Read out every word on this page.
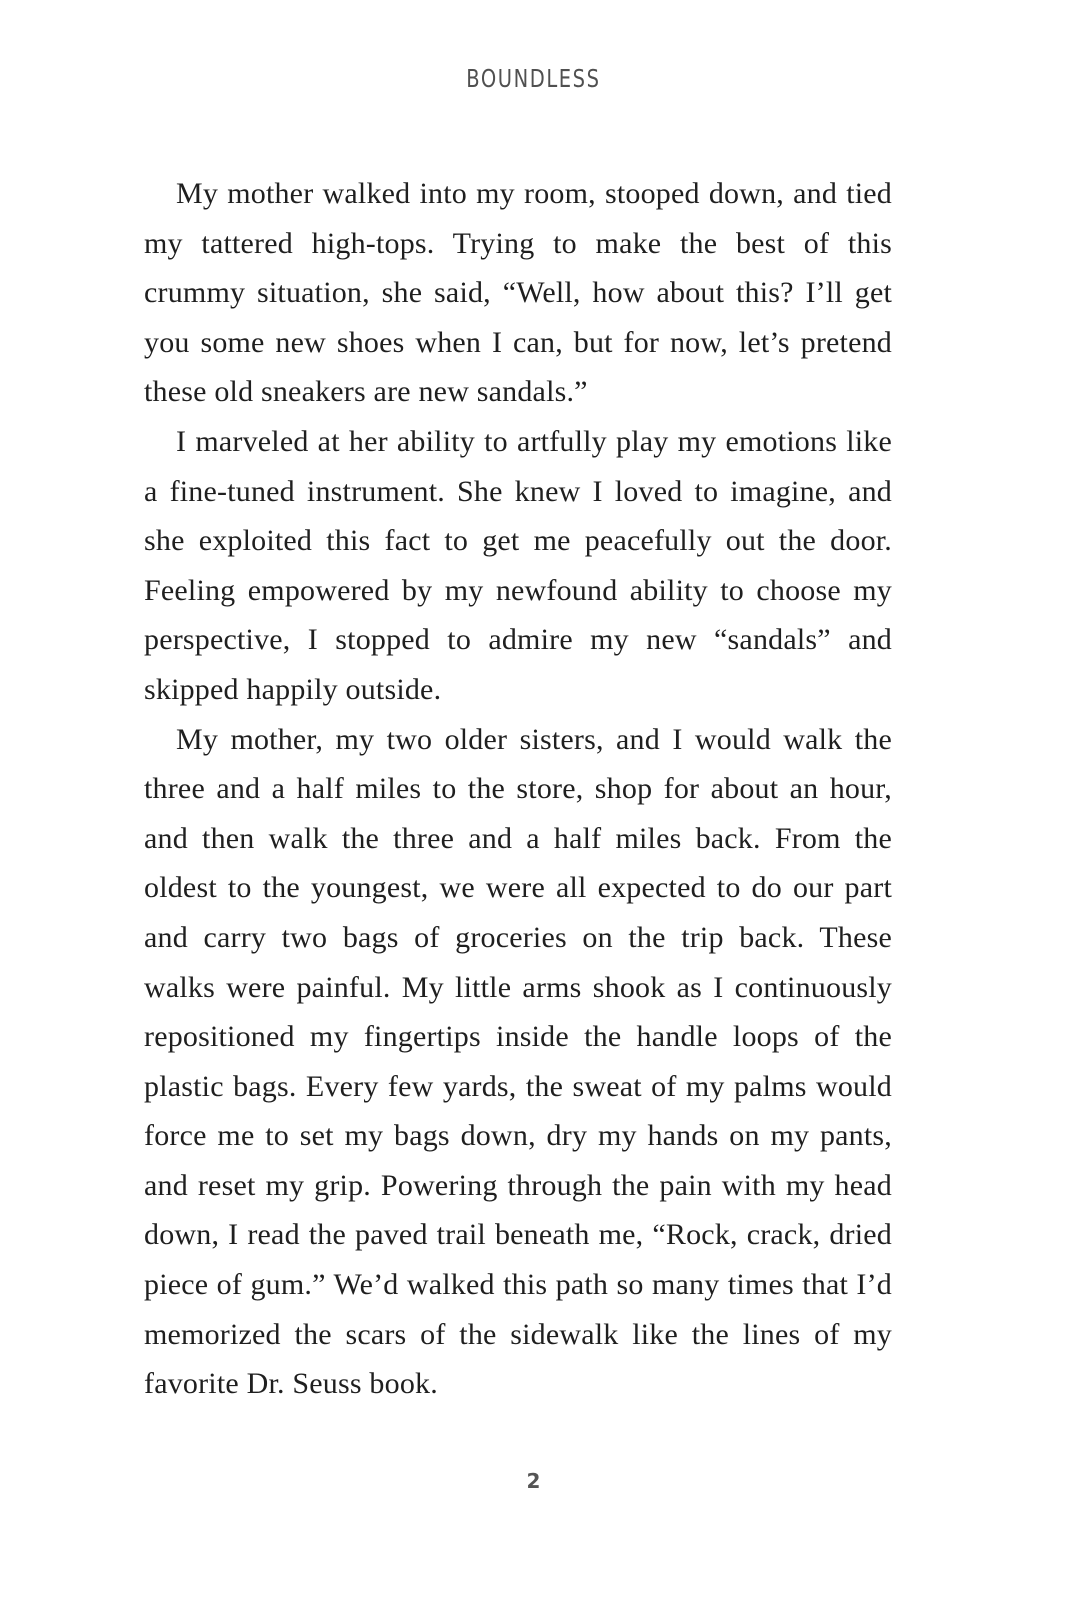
BOUNDLESS

My mother walked into my room, stooped down, and tied my tattered high-tops. Trying to make the best of this crummy situation, she said, “Well, how about this? I’ll get you some new shoes when I can, but for now, let’s pretend these old sneakers are new sandals.”

I marveled at her ability to artfully play my emotions like a fine-tuned instrument. She knew I loved to imagine, and she exploited this fact to get me peacefully out the door. Feeling empowered by my newfound ability to choose my perspective, I stopped to admire my new “sandals” and skipped happily outside.

My mother, my two older sisters, and I would walk the three and a half miles to the store, shop for about an hour, and then walk the three and a half miles back. From the oldest to the youngest, we were all expected to do our part and carry two bags of groceries on the trip back. These walks were painful. My little arms shook as I continuously repositioned my fingertips inside the handle loops of the plastic bags. Every few yards, the sweat of my palms would force me to set my bags down, dry my hands on my pants, and reset my grip. Powering through the pain with my head down, I read the paved trail beneath me, “Rock, crack, dried piece of gum.” We’d walked this path so many times that I’d memorized the scars of the sidewalk like the lines of my favorite Dr. Seuss book.

2
